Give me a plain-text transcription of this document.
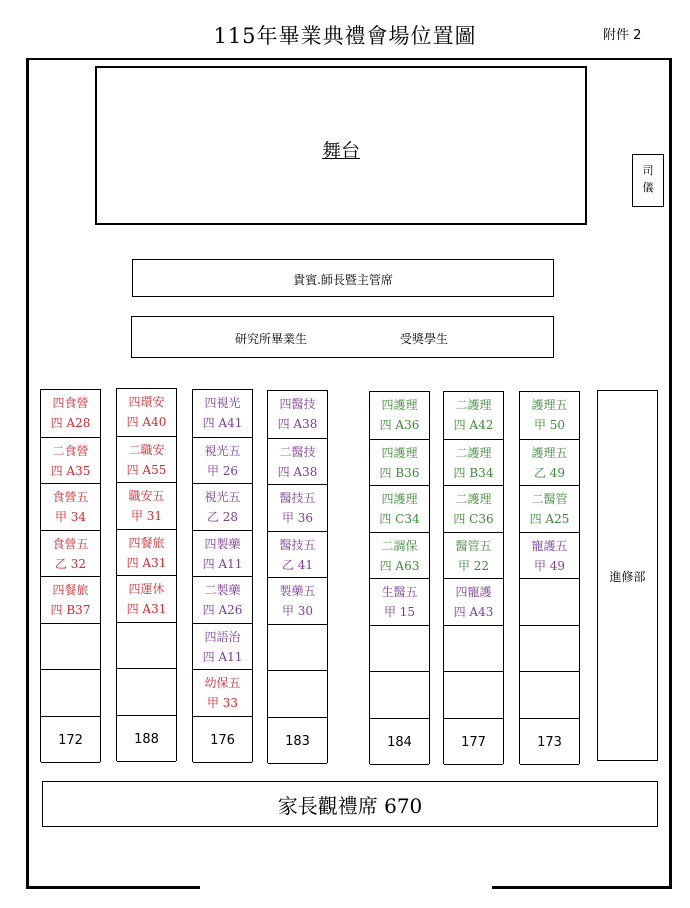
115年畢業典禮會場位置圖	附件 2
舞台
司
儀
貴賓.師長暨主管席
研究所畢業生	受獎學生
四食營
四 A28
二食營
四 A35
食營五
甲 34
食營五
乙 32
四餐旅
四 B37
172
四環安
四 A40
二職安
四 A55
職安五
甲 31
四餐旅
四 A31
四運休
四 A31
188
四視光
四 A41
視光五
甲 26
視光五
乙 28
四製藥
四 A11
二製藥
四 A26
四語治
四 A11
幼保五
甲 33
176
四醫技
四 A38
二醫技
四 A38
醫技五
甲 36
醫技五
乙 41
製藥五
甲 30
183
四護理
四 A36
四護理
四 B36
四護理
四 C34
二調保
四 A63
生醫五
甲 15
184
二護理
四 A42
二護理
四 B34
二護理
四 C36
醫管五
甲 22
四寵護
四 A43
177
護理五
甲 50
護理五
乙 49
二醫管
四 A25
寵護五
甲 49
173
進修部
家長觀禮席 670
